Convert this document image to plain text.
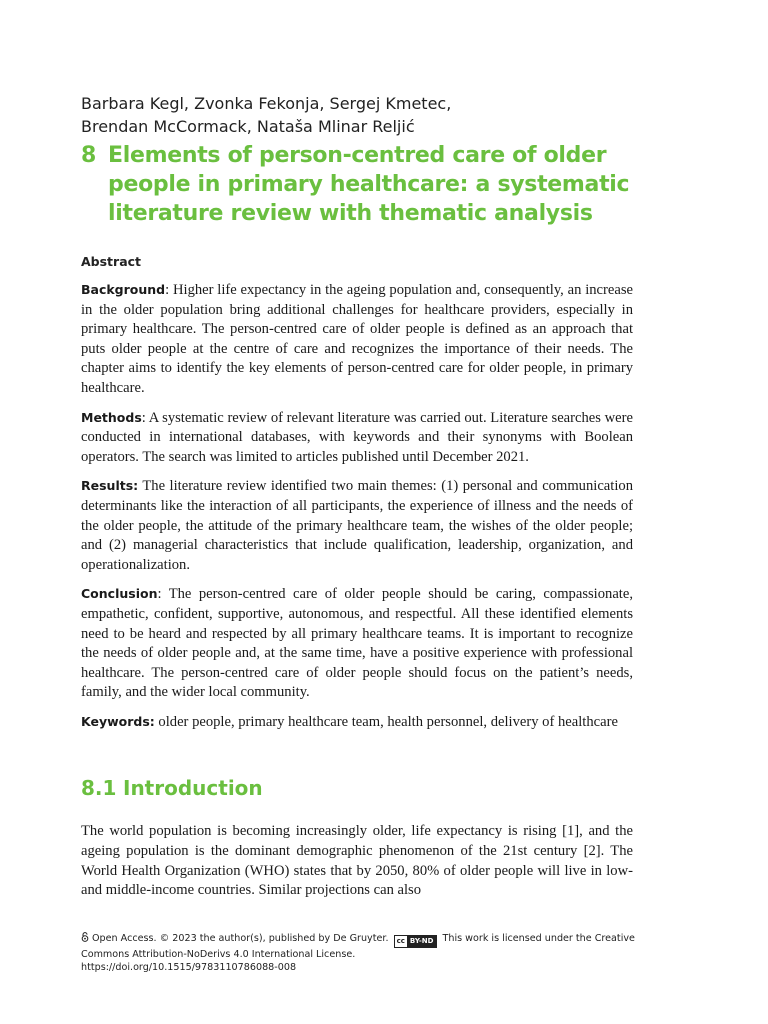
Barbara Kegl, Zvonka Fekonja, Sergej Kmetec,
Brendan McCormack, Nataša Mlinar Reljić

8 Elements of person-centred care of older people in primary healthcare: a systematic literature review with thematic analysis
Abstract

Background: Higher life expectancy in the ageing population and, consequently, an increase in the older population bring additional challenges for healthcare providers, especially in primary healthcare. The person-centred care of older people is defined as an approach that puts older people at the centre of care and recognizes the importance of their needs. The chapter aims to identify the key elements of person-centred care for older people, in primary healthcare.

Methods: A systematic review of relevant literature was carried out. Literature searches were conducted in international databases, with keywords and their synonyms with Boolean operators. The search was limited to articles published until December 2021.

Results: The literature review identified two main themes: (1) personal and communication determinants like the interaction of all participants, the experience of illness and the needs of the older people, the attitude of the primary healthcare team, the wishes of the older people; and (2) managerial characteristics that include qualification, leadership, organization, and operationalization.

Conclusion: The person-centred care of older people should be caring, compassionate, empathetic, confident, supportive, autonomous, and respectful. All these identified elements need to be heard and respected by all primary healthcare teams. It is important to recognize the needs of older people and, at the same time, have a positive experience with professional healthcare. The person-centred care of older people should focus on the patient’s needs, family, and the wider local community.

Keywords: older people, primary healthcare team, health personnel, delivery of healthcare

8.1 Introduction

The world population is becoming increasingly older, life expectancy is rising [1], and the ageing population is the dominant demographic phenomenon of the 21st century [2]. The World Health Organization (WHO) states that by 2050, 80% of older people will live in low- and middle-income countries. Similar projections can also

Open Access. © 2023 the author(s), published by De Gruyter. cc BY-ND This work is licensed under the Creative Commons Attribution-NoDerivs 4.0 International License.
https://doi.org/10.1515/9783110786088-008
